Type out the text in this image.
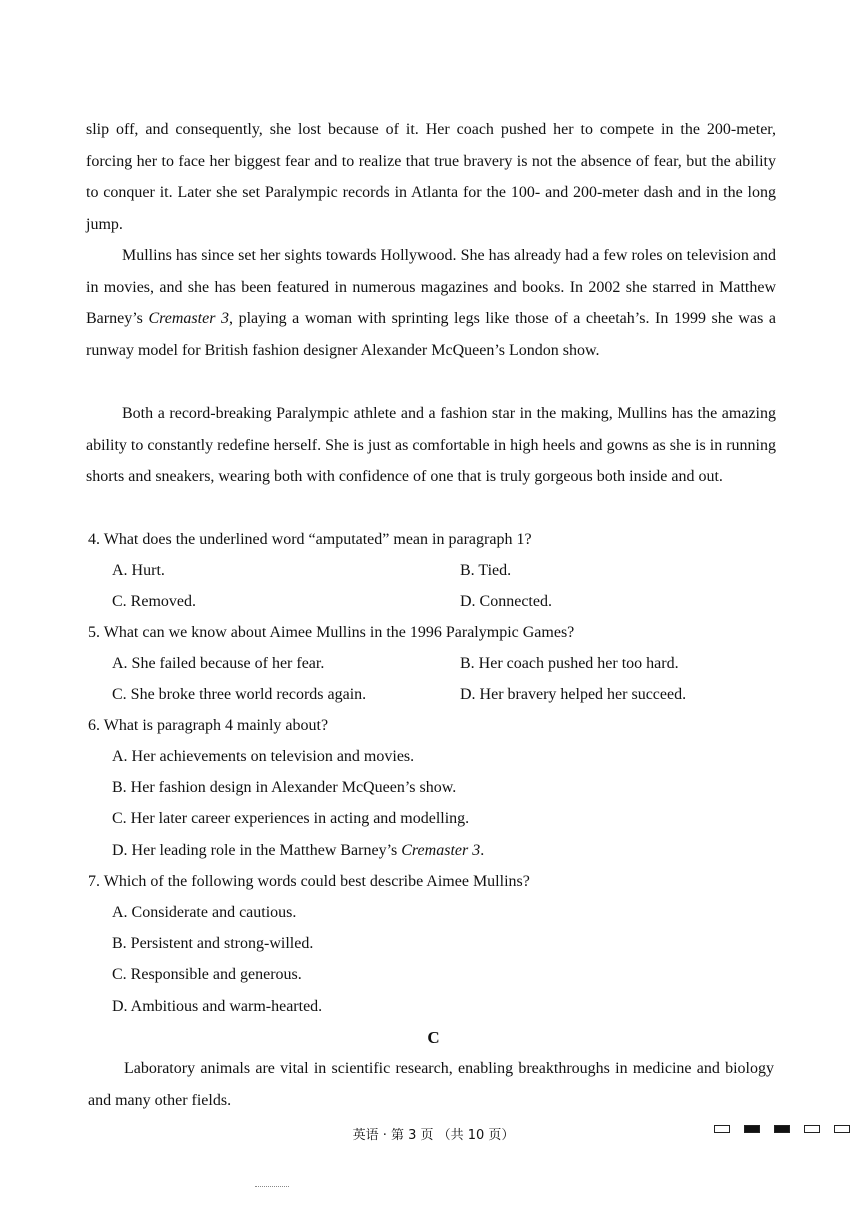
slip off, and consequently, she lost because of it. Her coach pushed her to compete in the 200-meter, forcing her to face her biggest fear and to realize that true bravery is not the absence of fear, but the ability to conquer it. Later she set Paralympic records in Atlanta for the 100- and 200-meter dash and in the long jump.

Mullins has since set her sights towards Hollywood. She has already had a few roles on television and in movies, and she has been featured in numerous magazines and books. In 2002 she starred in Matthew Barney’s Cremaster 3, playing a woman with sprinting legs like those of a cheetah’s. In 1999 she was a runway model for British fashion designer Alexander McQueen’s London show.

Both a record-breaking Paralympic athlete and a fashion star in the making, Mullins has the amazing ability to constantly redefine herself. She is just as comfortable in high heels and gowns as she is in running shorts and sneakers, wearing both with confidence of one that is truly gorgeous both inside and out.

4. What does the underlined word “amputated” mean in paragraph 1?
A. Hurt.	B. Tied.
C. Removed.	D. Connected.
5. What can we know about Aimee Mullins in the 1996 Paralympic Games?
A. She failed because of her fear.	B. Her coach pushed her too hard.
C. She broke three world records again.	D. Her bravery helped her succeed.
6. What is paragraph 4 mainly about?
A. Her achievements on television and movies.
B. Her fashion design in Alexander McQueen’s show.
C. Her later career experiences in acting and modelling.
D. Her leading role in the Matthew Barney’s Cremaster 3.
7. Which of the following words could best describe Aimee Mullins?
A. Considerate and cautious.
B. Persistent and strong-willed.
C. Responsible and generous.
D. Ambitious and warm-hearted.
C

Laboratory animals are vital in scientific research, enabling breakthroughs in medicine and biology and many other fields.

英语 · 第 3 页 （共 10 页）
